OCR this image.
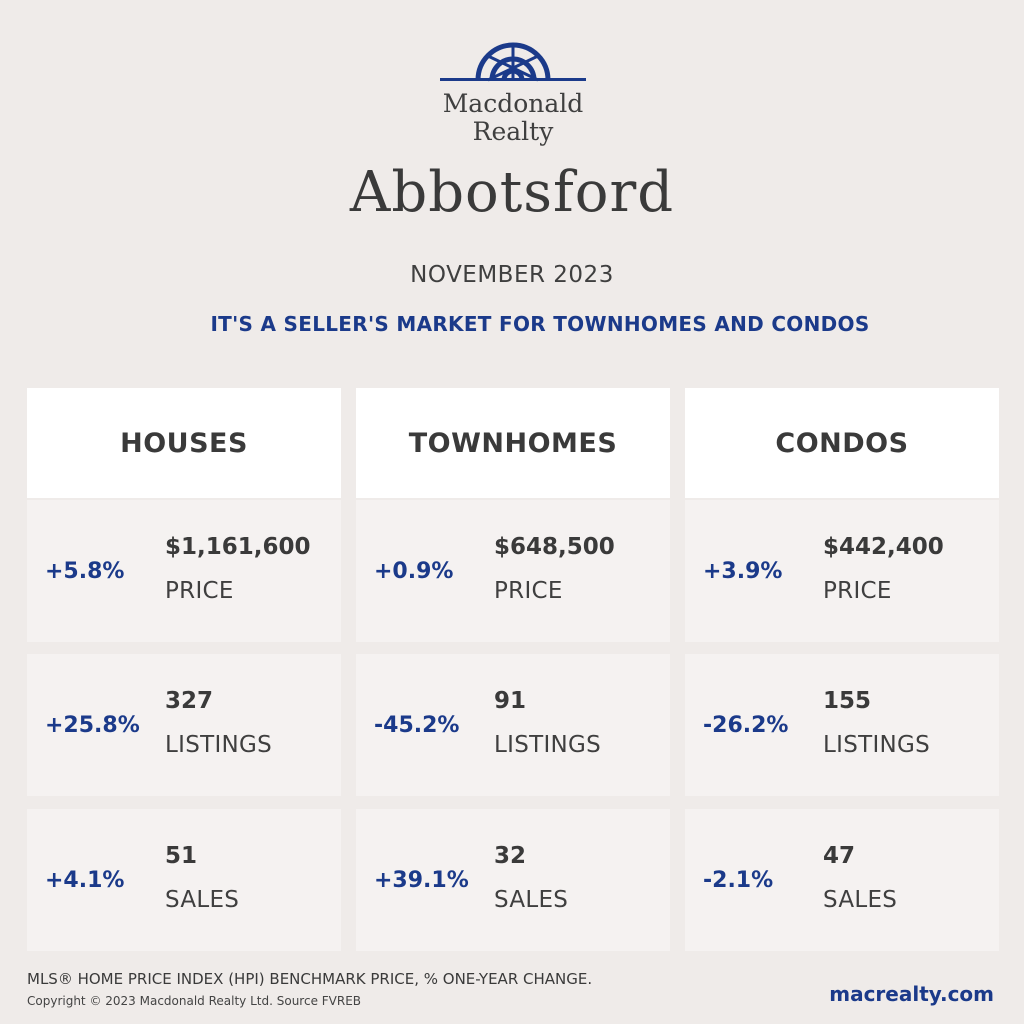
Macdonald
Realty
Abbotsford
NOVEMBER 2023
IT'S A SELLER'S MARKET FOR TOWNHOMES AND CONDOS
HOUSES
+5.8%
$1,161,600
PRICE
+25.8%
327
LISTINGS
+4.1%
51
SALES
TOWNHOMES
+0.9%
$648,500
PRICE
-45.2%
91
LISTINGS
+39.1%
32
SALES
CONDOS
+3.9%
$442,400
PRICE
-26.2%
155
LISTINGS
-2.1%
47
SALES
MLS® HOME PRICE INDEX (HPI) BENCHMARK PRICE, % ONE-YEAR CHANGE.
Copyright © 2023 Macdonald Realty Ltd. Source FVREB	macrealty.com
